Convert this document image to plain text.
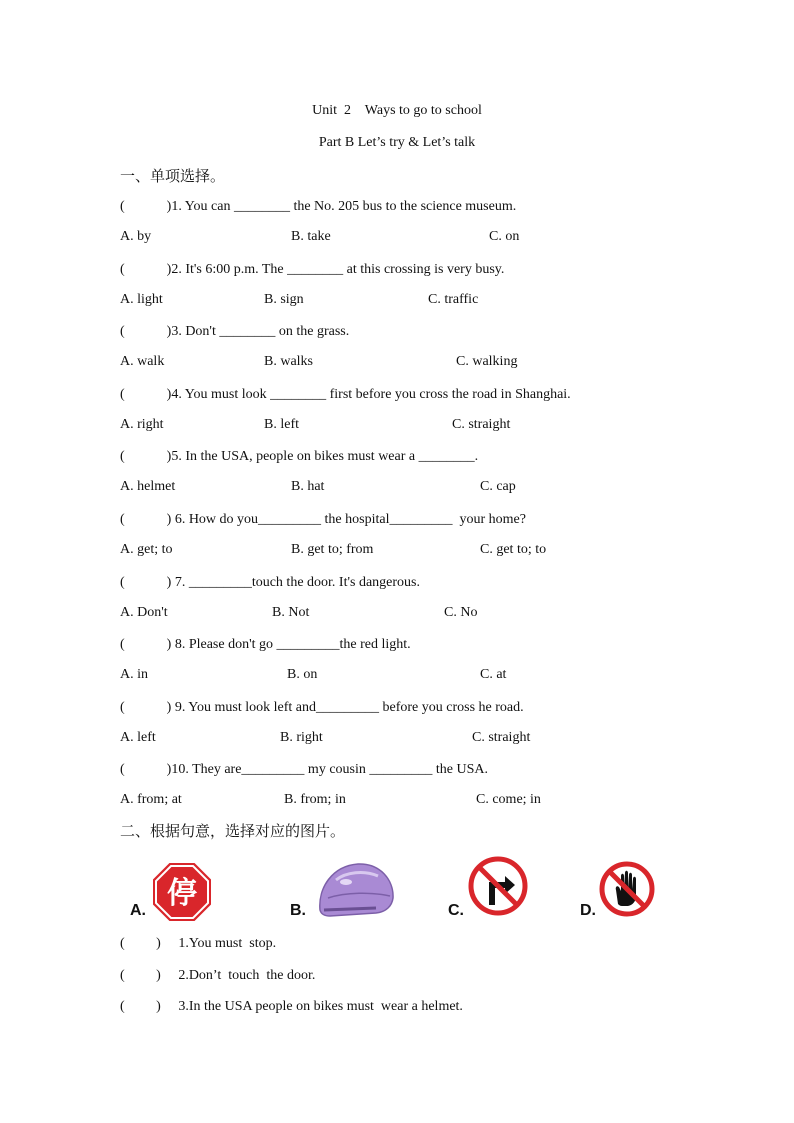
Unit  2    Ways to go to school
Part B Let’s try & Let’s talk
一、单项选择。
(            )1. You can ________ the No. 205 bus to the science museum.
A. by	B. take	C. on
(            )2. It's 6:00 p.m. The ________ at this crossing is very busy.
A. light	B. sign	C. traffic
(            )3. Don't ________ on the grass.
A. walk	B. walks	C. walking
(            )4. You must look ________ first before you cross the road in Shanghai.
A. right	B. left	C. straight
(            )5. In the USA, people on bikes must wear a ________.
A. helmet	B. hat	C. cap
(            ) 6. How do you_________ the hospital_________  your home?
A. get; to	B. get to; from	C. get to; to
(            ) 7. _________touch the door. It's dangerous.
A. Don't	B. Not	C. No
(            ) 8. Please don't go _________the red light.
A. in	B. on	C. at
(            ) 9. You must look left and_________ before you cross he road.
A. left	B. right	C. straight
(            )10. They are_________ my cousin _________ the USA.
A. from; at	B. from; in	C. come; in
二、根据句意，选择对应的图片。
A. 停	B.	C.	D.
(         )     1.You must  stop.
(         )     2.Don’t  touch  the door.
(         )     3.In the USA people on bikes must  wear a helmet.
